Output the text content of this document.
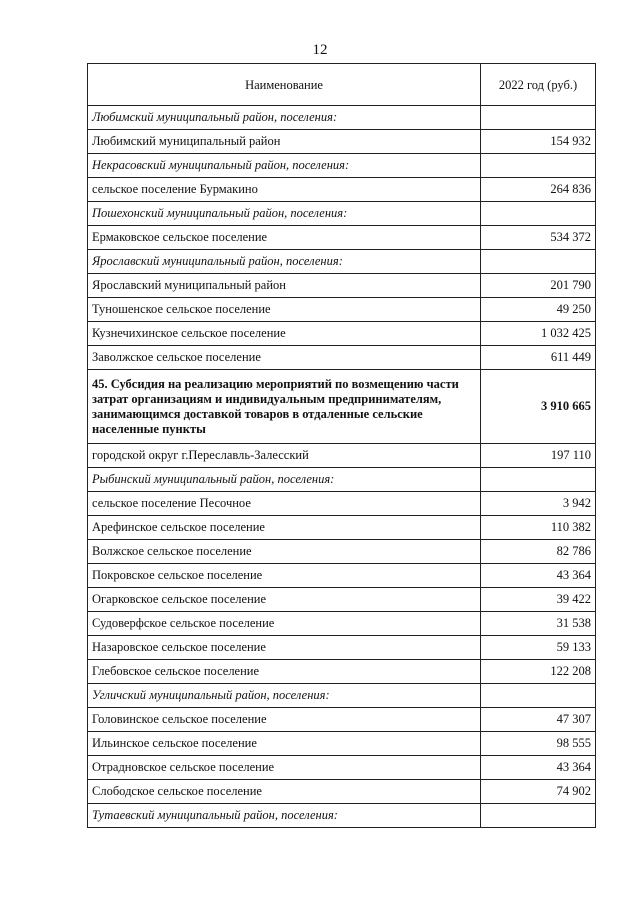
12
Наименование	2022 год (руб.)
Любимский муниципальный район, поселения:	
Любимский муниципальный район	154 932
Некрасовский муниципальный район, поселения:	
сельское поселение Бурмакино	264 836
Пошехонский муниципальный район, поселения:	
Ермаковское сельское поселение	534 372
Ярославский муниципальный район, поселения:	
Ярославский муниципальный район	201 790
Туношенское сельское поселение	49 250
Кузнечихинское сельское поселение	1 032 425
Заволжское сельское поселение	611 449
45. Субсидия на реализацию мероприятий по возмещению части затрат организациям и индивидуальным предпринимателям, занимающимся доставкой товаров в отдаленные сельские населенные пункты	3 910 665
городской округ г.Переславль-Залесский	197 110
Рыбинский муниципальный район, поселения:	
сельское поселение Песочное	3 942
Арефинское сельское поселение	110 382
Волжское сельское поселение	82 786
Покровское сельское поселение	43 364
Огарковское сельское поселение	39 422
Судоверфское сельское поселение	31 538
Назаровское сельское поселение	59 133
Глебовское сельское поселение	122 208
Угличский муниципальный район, поселения:	
Головинское сельское поселение	47 307
Ильинское сельское поселение	98 555
Отрадновское сельское поселение	43 364
Слободское сельское поселение	74 902
Тутаевский муниципальный район, поселения:	
